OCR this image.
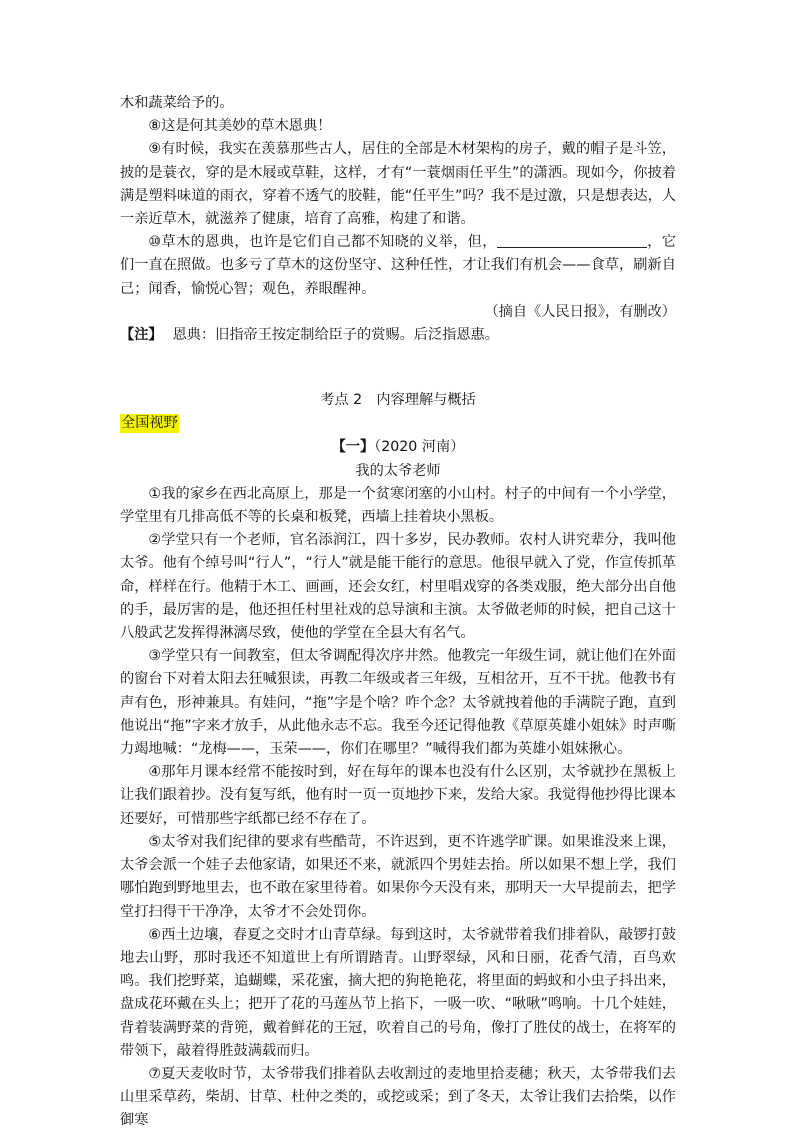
木和蔬菜给予的。

⑧这是何其美妙的草木恩典！

⑨有时候，我实在羡慕那些古人，居住的全部是木材架构的房子，戴的帽子是斗笠，披的是蓑衣，穿的是木屐或草鞋，这样，才有“一蓑烟雨任平生”的潇洒。现如今，你披着满是塑料味道的雨衣，穿着不透气的胶鞋，能“任平生”吗？我不是过激，只是想表达，人一亲近草木，就滋养了健康，培育了高雅，构建了和谐。

⑩草木的恩典，也许是它们自己都不知晓的义举，但，	，它们一直在照做。也多亏了草木的这份坚守、这种任性，才让我们有机会——食草，刷新自己；闻香，愉悦心智；观色，养眼醒神。

（摘自《人民日报》，有删改）

【注】 恩典：旧指帝王按定制给臣子的赏赐。后泛指恩惠。

考点 2　内容理解与概括

全国视野

【一】（2020 河南）

我的太爷老师

①我的家乡在西北高原上，那是一个贫寒闭塞的小山村。村子的中间有一个小学堂，学堂里有几排高低不等的长桌和板凳，西墙上挂着块小黑板。

②学堂只有一个老师，官名添润江，四十多岁，民办教师。农村人讲究辈分，我叫他太爷。他有个绰号叫“行人”，“行人”就是能干能行的意思。他很早就入了党，作宣传抓革命，样样在行。他精于木工、画画，还会女红，村里唱戏穿的各类戏服，绝大部分出自他的手，最厉害的是，他还担任村里社戏的总导演和主演。太爷做老师的时候，把自己这十八般武艺发挥得淋漓尽致，使他的学堂在全县大有名气。

③学堂只有一间教室，但太爷调配得次序井然。他教完一年级生词，就让他们在外面的窗台下对着太阳去狂喊狠读，再教二年级或者三年级，互相岔开，互不干扰。他教书有声有色，形神兼具。有娃问，“拖”字是个啥？咋个念？太爷就拽着他的手满院子跑，直到他说出“拖”字来才放手，从此他永志不忘。我至今还记得他教《草原英雄小姐妹》时声嘶力竭地喊：“龙梅——，玉荣——，你们在哪里？”喊得我们都为英雄小姐妹揪心。

④那年月课本经常不能按时到，好在每年的课本也没有什么区别，太爷就抄在黑板上让我们跟着抄。没有复写纸，他有时一页一页地抄下来，发给大家。我觉得他抄得比课本还要好，可惜那些字纸都已经不存在了。

⑤太爷对我们纪律的要求有些酷苛，不许迟到，更不许逃学旷课。如果谁没来上课，太爷会派一个娃子去他家请，如果还不来，就派四个男娃去抬。所以如果不想上学，我们哪怕跑到野地里去，也不敢在家里待着。如果你今天没有来，那明天一大早提前去，把学堂打扫得干干净净，太爷才不会处罚你。

⑥西土边壤，春夏之交时才山青草绿。每到这时，太爷就带着我们排着队，敲锣打鼓地去山野，那时我还不知道世上有所谓踏青。山野翠绿，风和日丽，花香气清，百鸟欢鸣。我们挖野菜，追蝴蝶，采花蜜，摘大把的狗艳艳花，将里面的蚂蚁和小虫子抖出来，盘成花环戴在头上；把开了花的马莲丛节上掐下，一吸一吹、“啾啾”鸣响。十几个娃娃，背着装满野菜的背篼，戴着鲜花的王冠，吹着自己的号角，像打了胜仗的战士，在将军的带领下，敲着得胜鼓满载而归。

⑦夏天麦收时节，太爷带我们排着队去收割过的麦地里拾麦穗；秋天，太爷带我们去山里采草药，柴胡、甘草、杜仲之类的，或挖或采；到了冬天，太爷让我们去拾柴，以作御寒
